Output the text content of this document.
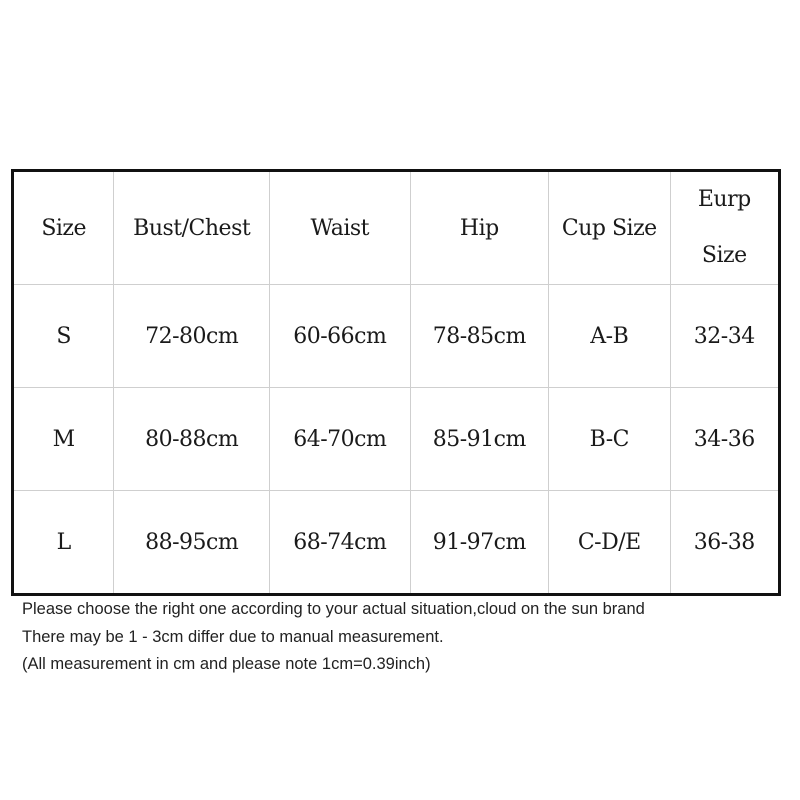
Size	Bust/Chest	Waist	Hip	Cup Size	Eurp
Size

S	72-80cm	60-66cm	78-85cm	A-B	32-34
M	80-88cm	64-70cm	85-91cm	B-C	34-36
L	88-95cm	68-74cm	91-97cm	C-D/E	36-38
Please choose the right one according to your actual situation,cloud on the sun brand
There may be 1 - 3cm differ due to manual measurement.
(All measurement in cm and please note 1cm=0.39inch)
